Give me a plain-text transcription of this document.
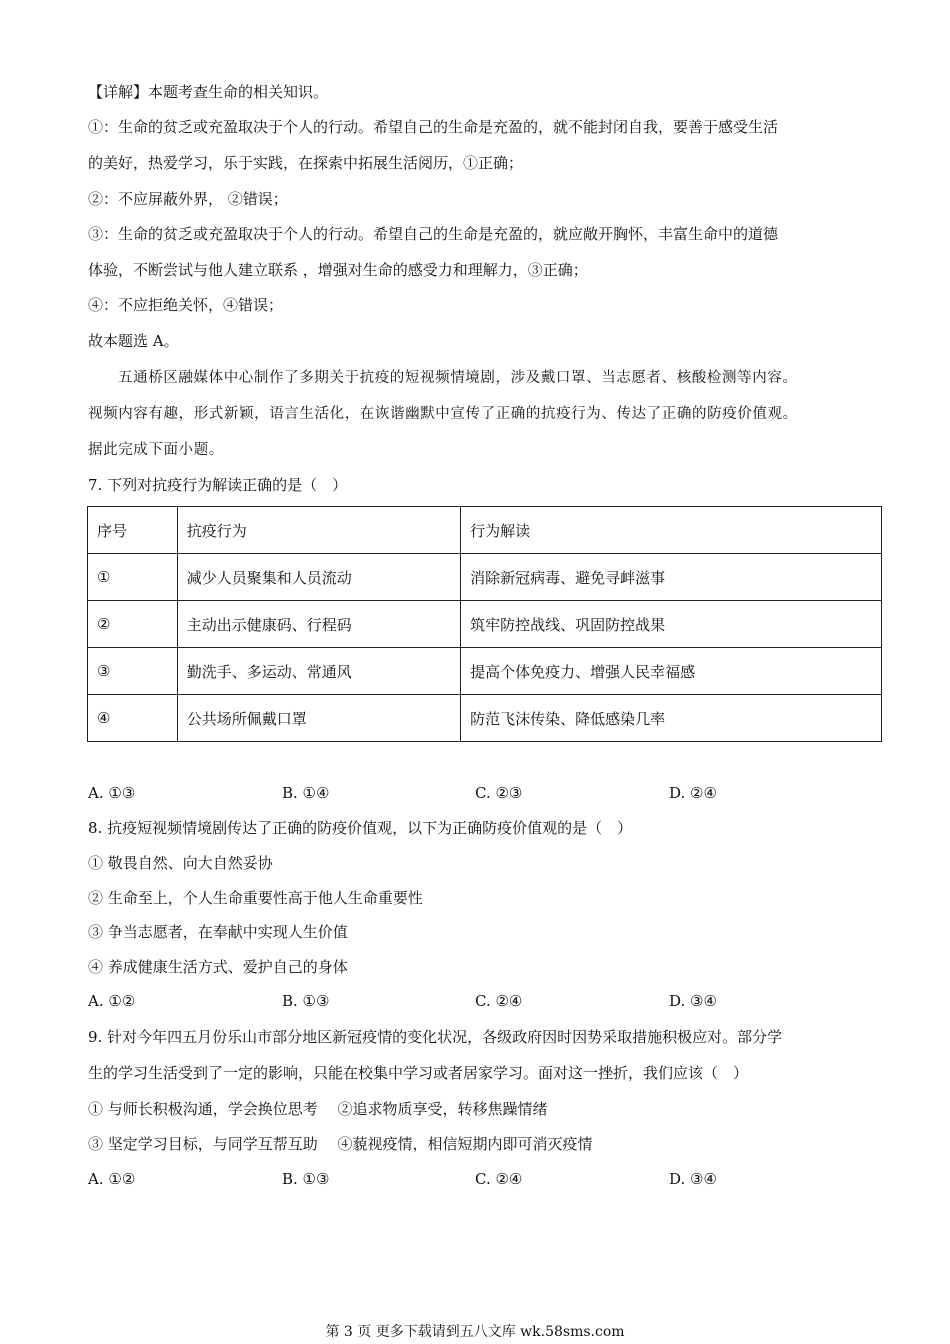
【详解】本题考查生命的相关知识。
①：生命的贫乏或充盈取决于个人的行动。希望自己的生命是充盈的，就不能封闭自我，要善于感受生活
的美好，热爱学习，乐于实践，在探索中拓展生活阅历，①正确；
②：不应屏蔽外界， ②错误；
③：生命的贫乏或充盈取决于个人的行动。希望自己的生命是充盈的，就应敞开胸怀，丰富生命中的道德
体验，不断尝试与他人建立联系 ，增强对生命的感受力和理解力，③正确；
④：不应拒绝关怀，④错误；
故本题选 A。
五通桥区融媒体中心制作了多期关于抗疫的短视频情境剧，涉及戴口罩、当志愿者、核酸检测等内容。
视频内容有趣，形式新颖，语言生活化，在诙谐幽默中宣传了正确的抗疫行为、传达了正确的防疫价值观。
据此完成下面小题。
7. 下列对抗疫行为解读正确的是（　）
序号	抗疫行为	行为解读
①	减少人员聚集和人员流动	消除新冠病毒、避免寻衅滋事
②	主动出示健康码、行程码	筑牢防控战线、巩固防控战果
③	勤洗手、多运动、常通风	提高个体免疫力、增强人民幸福感
④	公共场所佩戴口罩	防范飞沫传染、降低感染几率
A. ①③	B. ①④	C. ②③	D. ②④
8. 抗疫短视频情境剧传达了正确的防疫价值观，以下为正确防疫价值观的是（　）
① 敬畏自然、向大自然妥协
② 生命至上，个人生命重要性高于他人生命重要性
③ 争当志愿者，在奉献中实现人生价值
④ 养成健康生活方式、爱护自己的身体
A. ①②	B. ①③	C. ②④	D. ③④
9. 针对今年四五月份乐山市部分地区新冠疫情的变化状况，各级政府因时因势采取措施积极应对。部分学
生的学习生活受到了一定的影响，只能在校集中学习或者居家学习。面对这一挫折，我们应该（　）
① 与师长积极沟通，学会换位思考　 ②追求物质享受，转移焦躁情绪
③ 坚定学习目标，与同学互帮互助　 ④藐视疫情，相信短期内即可消灭疫情
A. ①②	B. ①③	C. ②④	D. ③④
第 3 页 更多下载请到五八文库 wk.58sms.com
